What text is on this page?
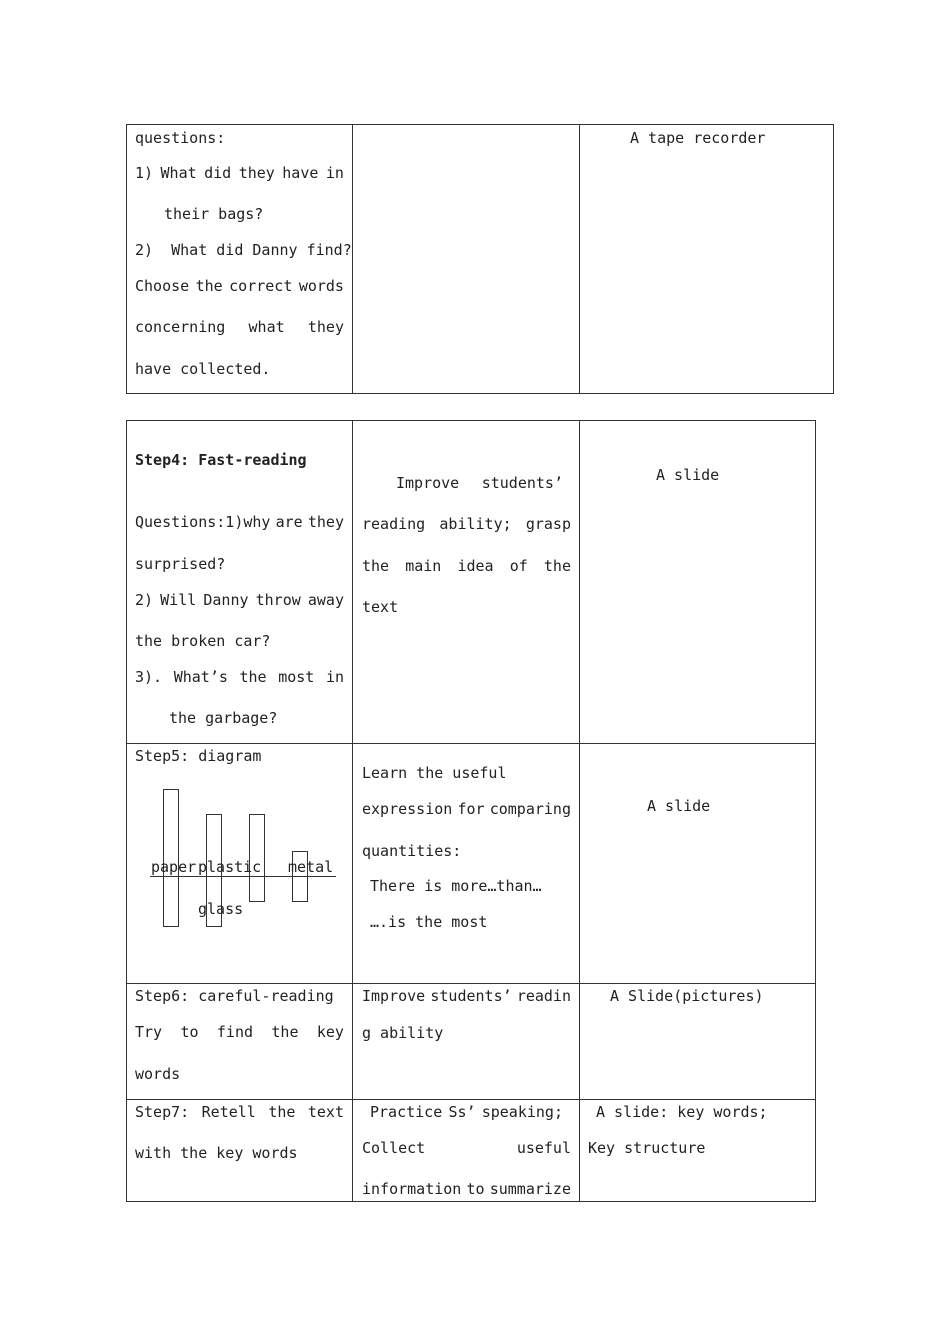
questions:
1) What did they have in
their bags?
2)  What did Danny find?
Choose the correct words
concerning what they
have collected.
A tape recorder
Step4: Fast-reading
Questions:1)why are they
surprised?
2) Will Danny throw away
the broken car?
3). What’s the most in
the garbage?
Improve students’
reading ability; grasp
the main idea of the
text
A slide
Step5: diagram
paper plastic metal
glass
Learn the useful
expression for comparing
quantities:
There is more…than…
….is the most
A slide
Step6: careful-reading
Try to find the key
words
Improve students’ readin
g ability
A Slide(pictures)
Step7: Retell the text
with the key words
Practice Ss’ speaking;
Collect	useful
information to summarize
A slide: key words;
Key structure
